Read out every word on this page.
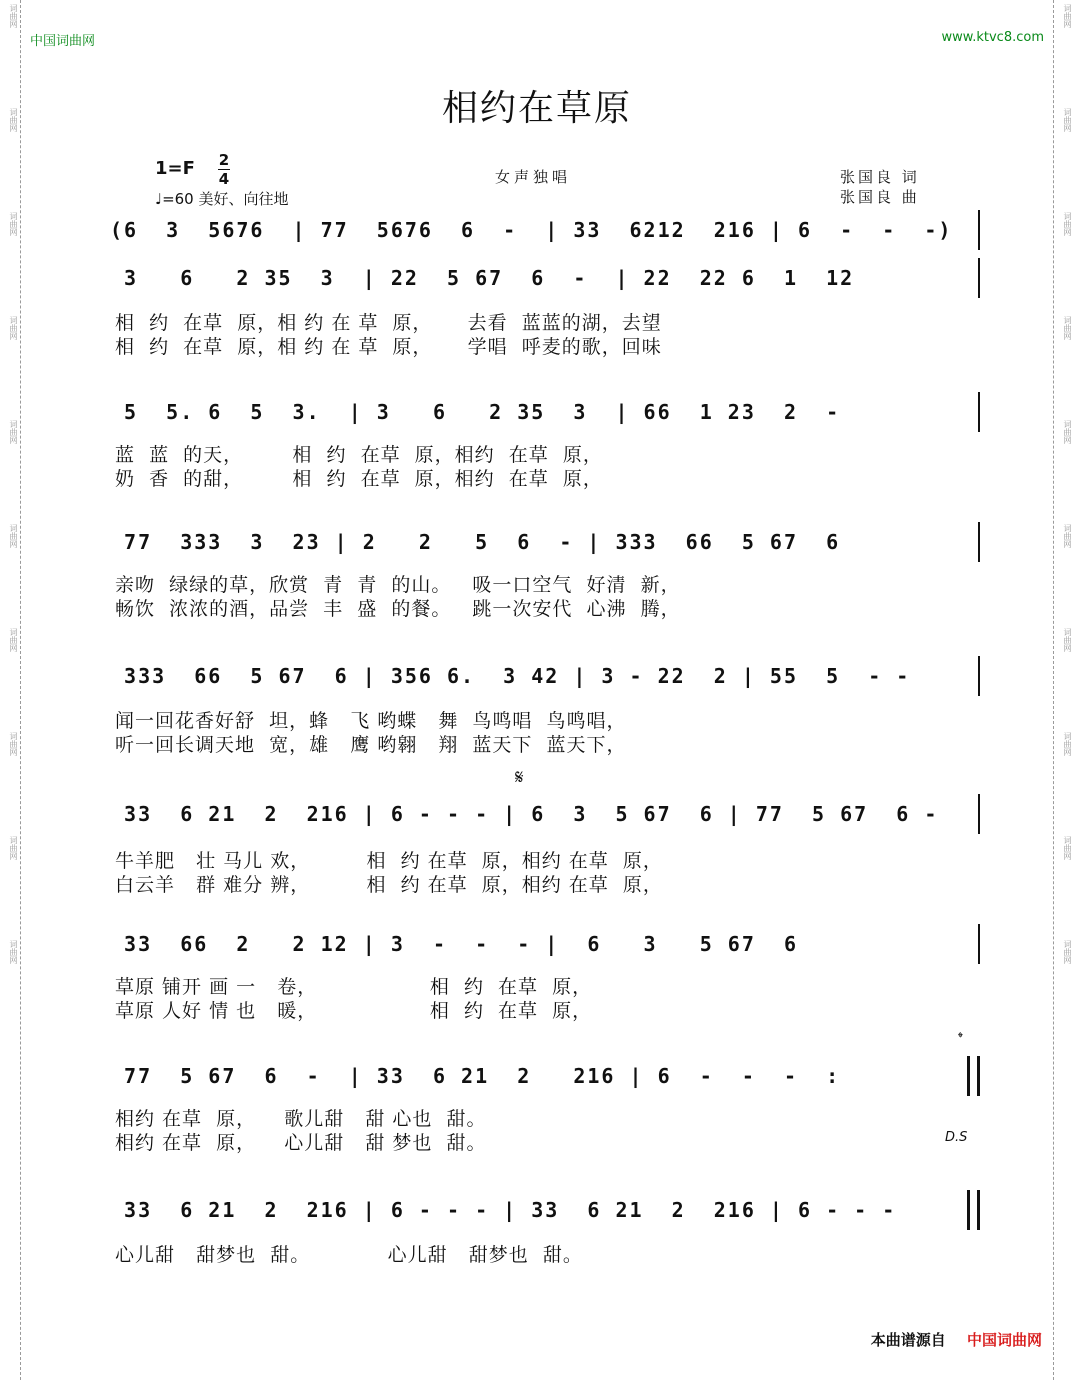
词曲网
词曲网
词曲网
词曲网
词曲网
词曲网
词曲网
词曲网
词曲网
词曲网
词曲网
词曲网
词曲网
词曲网
词曲网
词曲网
词曲网
词曲网
词曲网
词曲网
中国词曲网	www.ktvc8.com
相约在草原
1=F 2
4
♩=60 美好、向往地
女声独唱	张国良 词
张国良 曲
(6  3  5676  | 77  5676  6  -  | 33  6212  216 | 6  -  -  -)
3   6   2 35  3  | 22  5 67  6  -  | 22  22 6  1  12
相  约  在草  原，相 约 在 草  原，     去看  蓝蓝的湖，去望
相  约  在草  原，相 约 在 草  原，     学唱  呼麦的歌，回味
5  5. 6  5  3.  | 3   6   2 35  3  | 66  1 23  2  -
蓝  蓝  的天，       相  约  在草  原，相约  在草  原，
奶  香  的甜，       相  约  在草  原，相约  在草  原，
77  333  3  23 | 2   2   5  6  - | 333  66  5 67  6
亲吻  绿绿的草，欣赏  青  青  的山。   吸一口空气  好清  新，
畅饮  浓浓的酒，品尝  丰  盛  的餐。   跳一次安代  心沸  腾，
333  66  5 67  6 | 356 6.  3 42 | 3 - 22  2 | 55  5  - -
闻一回花香好舒  坦，蜂   飞 哟蝶   舞  鸟鸣唱  鸟鸣唱，
听一回长调天地  宽，雄   鹰 哟翱   翔  蓝天下  蓝天下，
𝄋
33  6 21  2  216 | 6 - - - | 6  3  5 67  6 | 77  5 67  6 -
牛羊肥   壮 马儿 欢，        相  约 在草  原，相约 在草  原，
白云羊   群 难分 辨，        相  约 在草  原，相约 在草  原，
33  66  2   2 12 | 3  -  -  - |  6   3   5 67  6
草原 铺开 画 一   卷，                相  约  在草  原，
草原 人好 情 也   暖，                相  约  在草  原，
𝄌
77  5 67  6  -  | 33  6 21  2   216 | 6  -  -  -  :
相约 在草  原，    歌儿甜   甜 心也  甜。
相约 在草  原，    心儿甜   甜 梦也  甜。	D.S
33  6 21  2  216 | 6 - - - | 33  6 21  2  216 | 6 - - -
心儿甜   甜梦也  甜。           心儿甜   甜梦也  甜。
本曲谱源自 中国词曲网
